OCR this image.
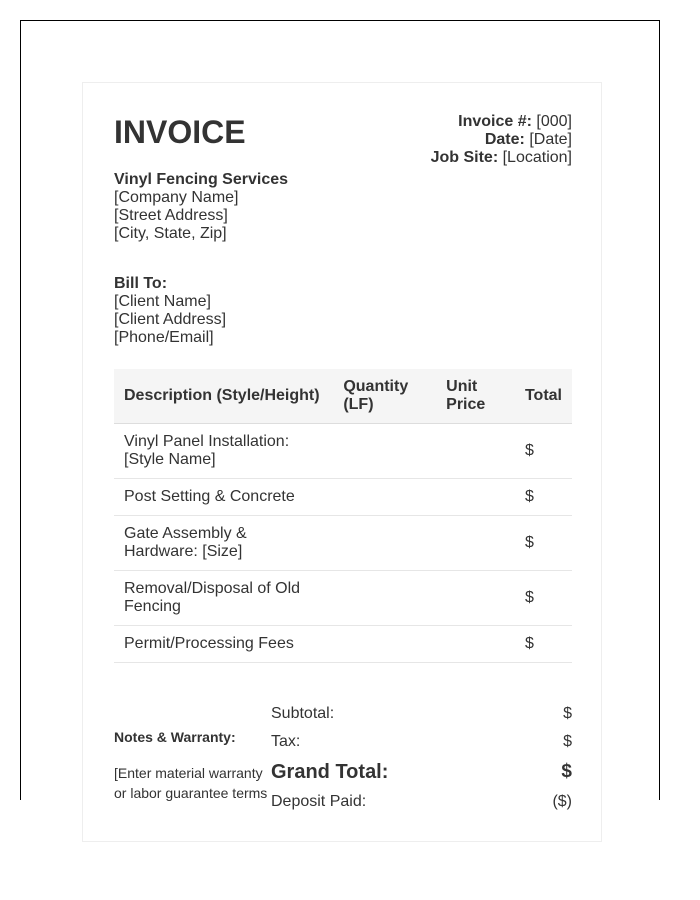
INVOICE	Invoice #: [000]
Date: [Date]
Job Site: [Location]
Vinyl Fencing Services
[Company Name]
[Street Address]
[City, State, Zip]
Bill To:
[Client Name]
[Client Address]
[Phone/Email]
Description (Style/Height)	Quantity (LF)	Unit Price	Total
Vinyl Panel Installation: [Style Name]			$
Post Setting & Concrete			$
Gate Assembly & Hardware: [Size]			$
Removal/Disposal of Old Fencing			$
Permit/Processing Fees			$
Notes & Warranty:
[Enter material warranty or labor guarantee terms
Subtotal:	$
Tax:	$
Grand Total:	$
Deposit Paid:	($)
